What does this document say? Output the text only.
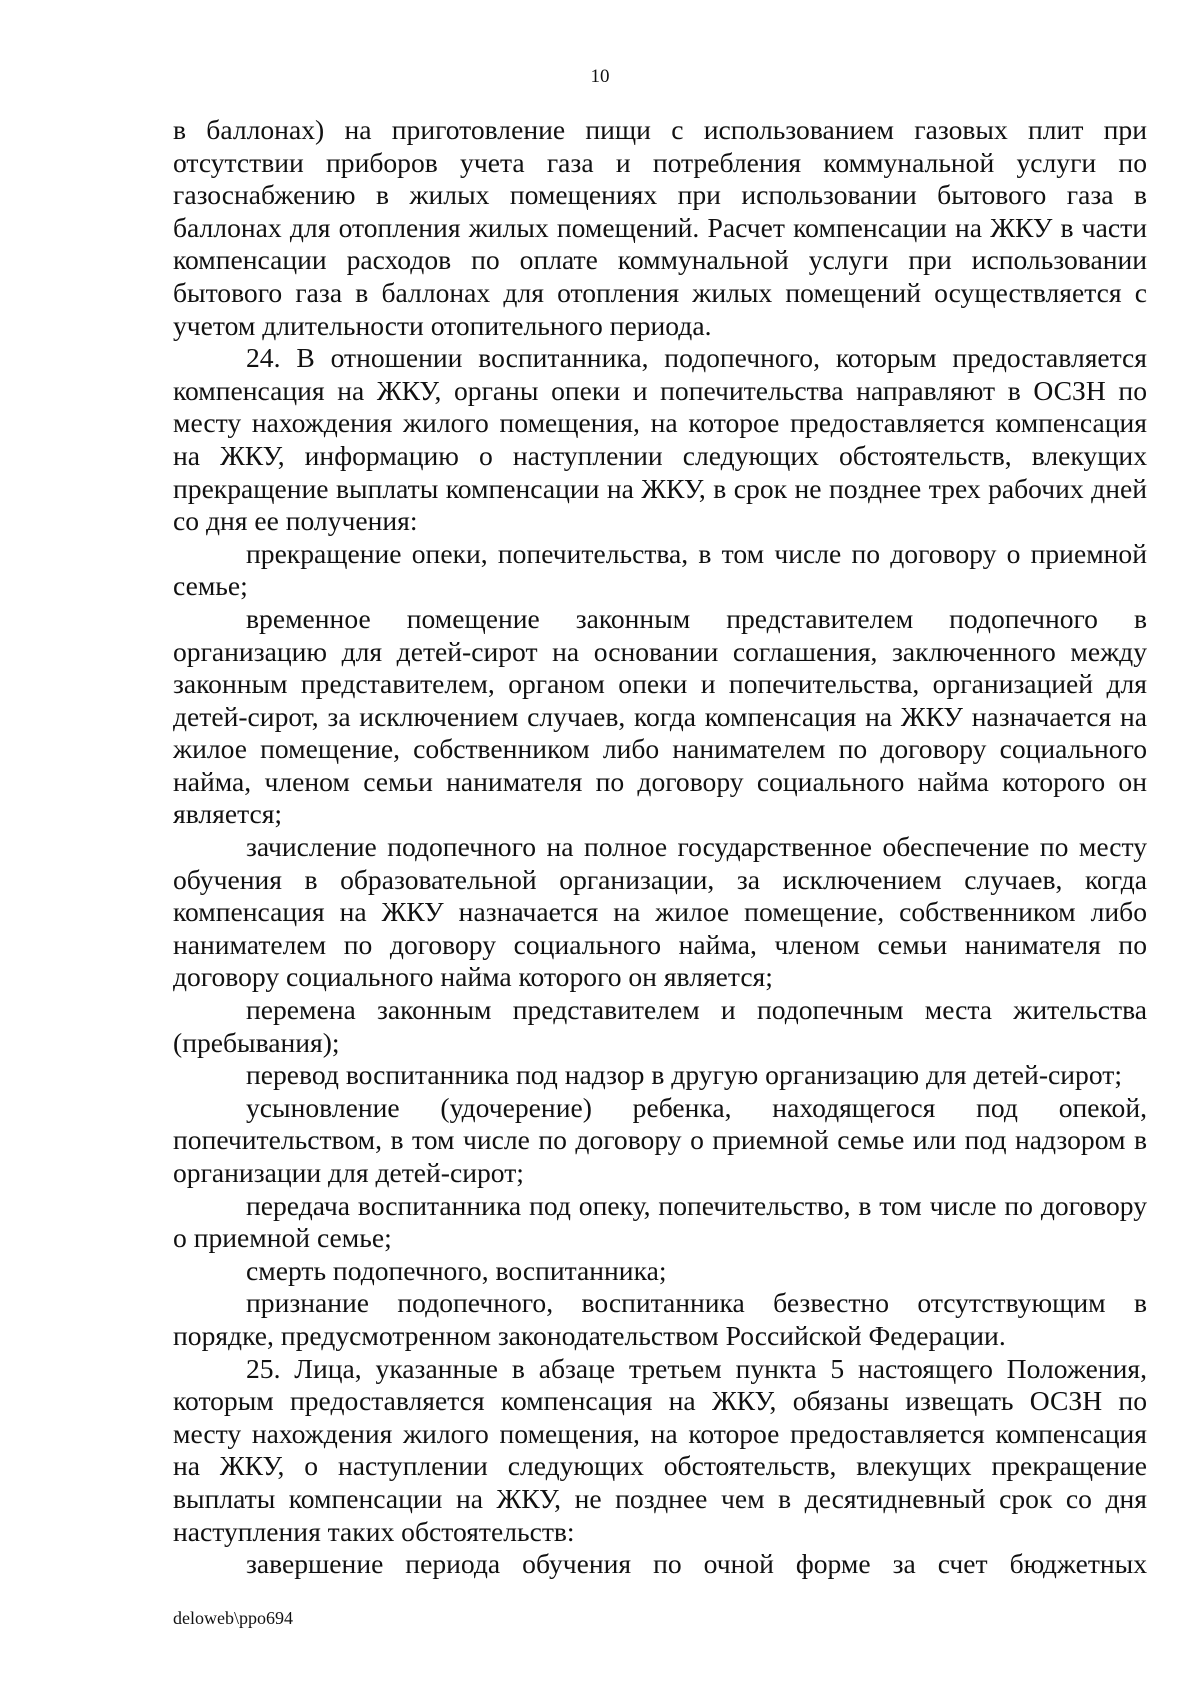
10

в баллонах) на приготовление пищи с использованием газовых плит при отсутствии приборов учета газа и потребления коммунальной услуги по газоснабжению в жилых помещениях при использовании бытового газа в баллонах для отопления жилых помещений. Расчет компенсации на ЖКУ в части компенсации расходов по оплате коммунальной услуги при использовании бытового газа в баллонах для отопления жилых помещений осуществляется с учетом длительности отопительного периода.

24. В отношении воспитанника, подопечного, которым предоставляется компенсация на ЖКУ, органы опеки и попечительства направляют в ОСЗН по месту нахождения жилого помещения, на которое предоставляется компенсация на ЖКУ, информацию о наступлении следующих обстоятельств, влекущих прекращение выплаты компенсации на ЖКУ, в срок не позднее трех рабочих дней со дня ее получения:

прекращение опеки, попечительства, в том числе по договору о приемной семье;

временное помещение законным представителем подопечного в организацию для детей-сирот на основании соглашения, заключенного между законным представителем, органом опеки и попечительства, организацией для детей-сирот, за исключением случаев, когда компенсация на ЖКУ назначается на жилое помещение, собственником либо нанимателем по договору социального найма, членом семьи нанимателя по договору социального найма которого он является;

зачисление подопечного на полное государственное обеспечение по месту обучения в образовательной организации, за исключением случаев, когда компенсация на ЖКУ назначается на жилое помещение, собственником либо нанимателем по договору социального найма, членом семьи нанимателя по договору социального найма которого он является;

перемена законным представителем и подопечным места жительства (пребывания);

перевод воспитанника под надзор в другую организацию для детей-сирот;

усыновление (удочерение) ребенка, находящегося под опекой, попечительством, в том числе по договору о приемной семье или под надзором в организации для детей-сирот;

передача воспитанника под опеку, попечительство, в том числе по договору о приемной семье;

смерть подопечного, воспитанника;

признание подопечного, воспитанника безвестно отсутствующим в порядке, предусмотренном законодательством Российской Федерации.

25. Лица, указанные в абзаце третьем пункта 5 настоящего Положения, которым предоставляется компенсация на ЖКУ, обязаны извещать ОСЗН по месту нахождения жилого помещения, на которое предоставляется компенсация на ЖКУ, о наступлении следующих обстоятельств, влекущих прекращение выплаты компенсации на ЖКУ, не позднее чем в десятидневный срок со дня наступления таких обстоятельств:

завершение периода обучения по очной форме за счет бюджетных

deloweb\ppo694
